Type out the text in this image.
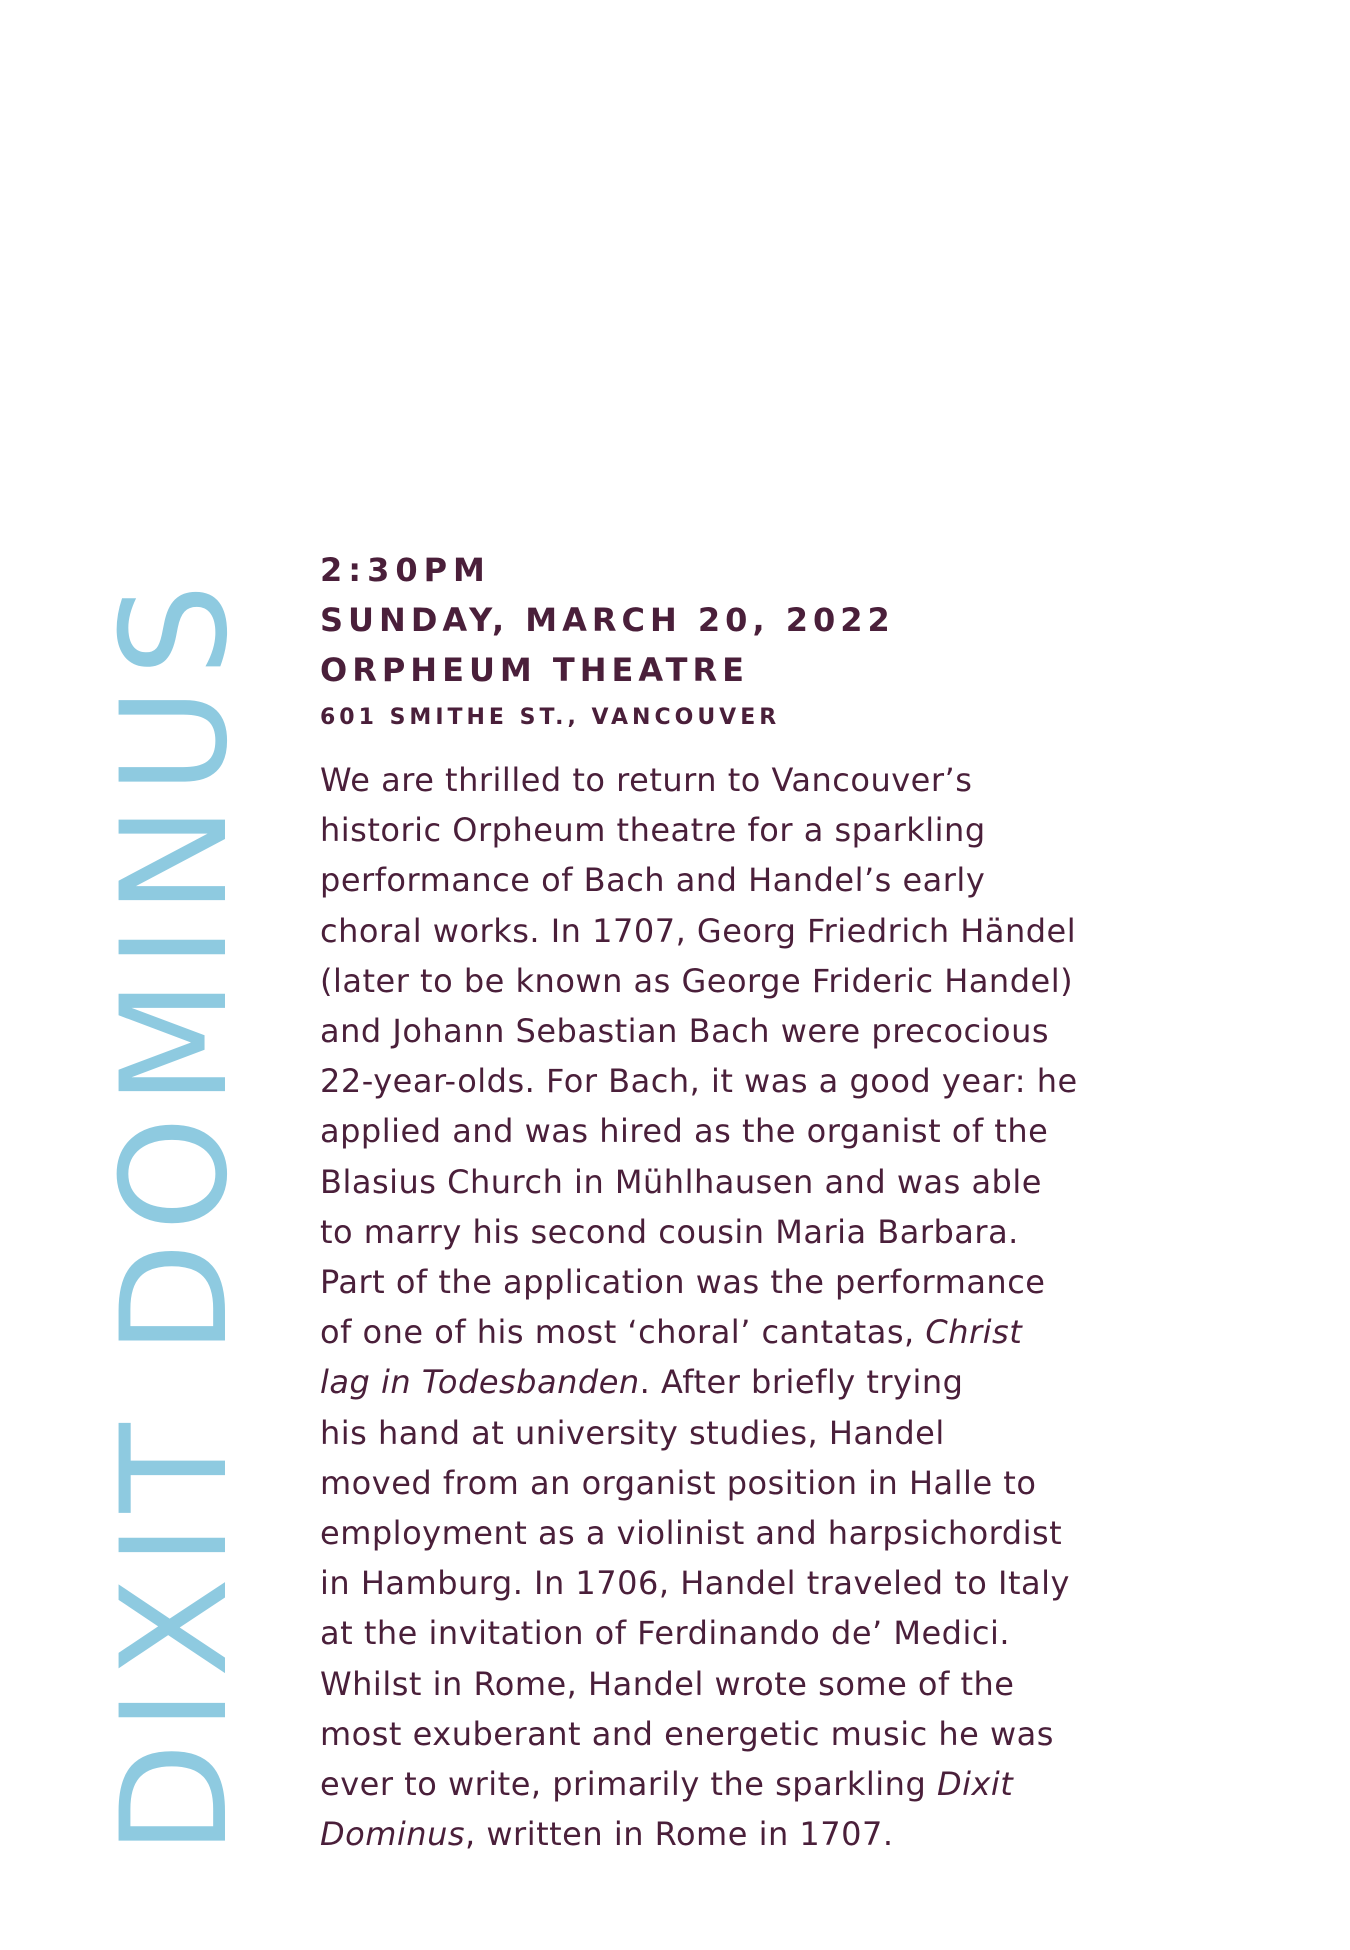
DIXIT DOMINUS
2:30PM
SUNDAY, MARCH 20, 2022
ORPHEUM THEATRE
601 SMITHE ST., VANCOUVER
We are thrilled to return to Vancouver’s
historic Orpheum theatre for a sparkling
performance of Bach and Handel’s early
choral works. In 1707, Georg Friedrich Händel
(later to be known as George Frideric Handel)
and Johann Sebastian Bach were precocious
22-year-olds. For Bach, it was a good year: he
applied and was hired as the organist of the
Blasius Church in Mühlhausen and was able
to marry his second cousin Maria Barbara.
Part of the application was the performance
of one of his most ‘choral’ cantatas, Christ
lag in Todesbanden. After briefly trying
his hand at university studies, Handel
moved from an organist position in Halle to
employment as a violinist and harpsichordist
in Hamburg. In 1706, Handel traveled to Italy
at the invitation of Ferdinando de’ Medici.
Whilst in Rome, Handel wrote some of the
most exuberant and energetic music he was
ever to write, primarily the sparkling Dixit
Dominus, written in Rome in 1707.
